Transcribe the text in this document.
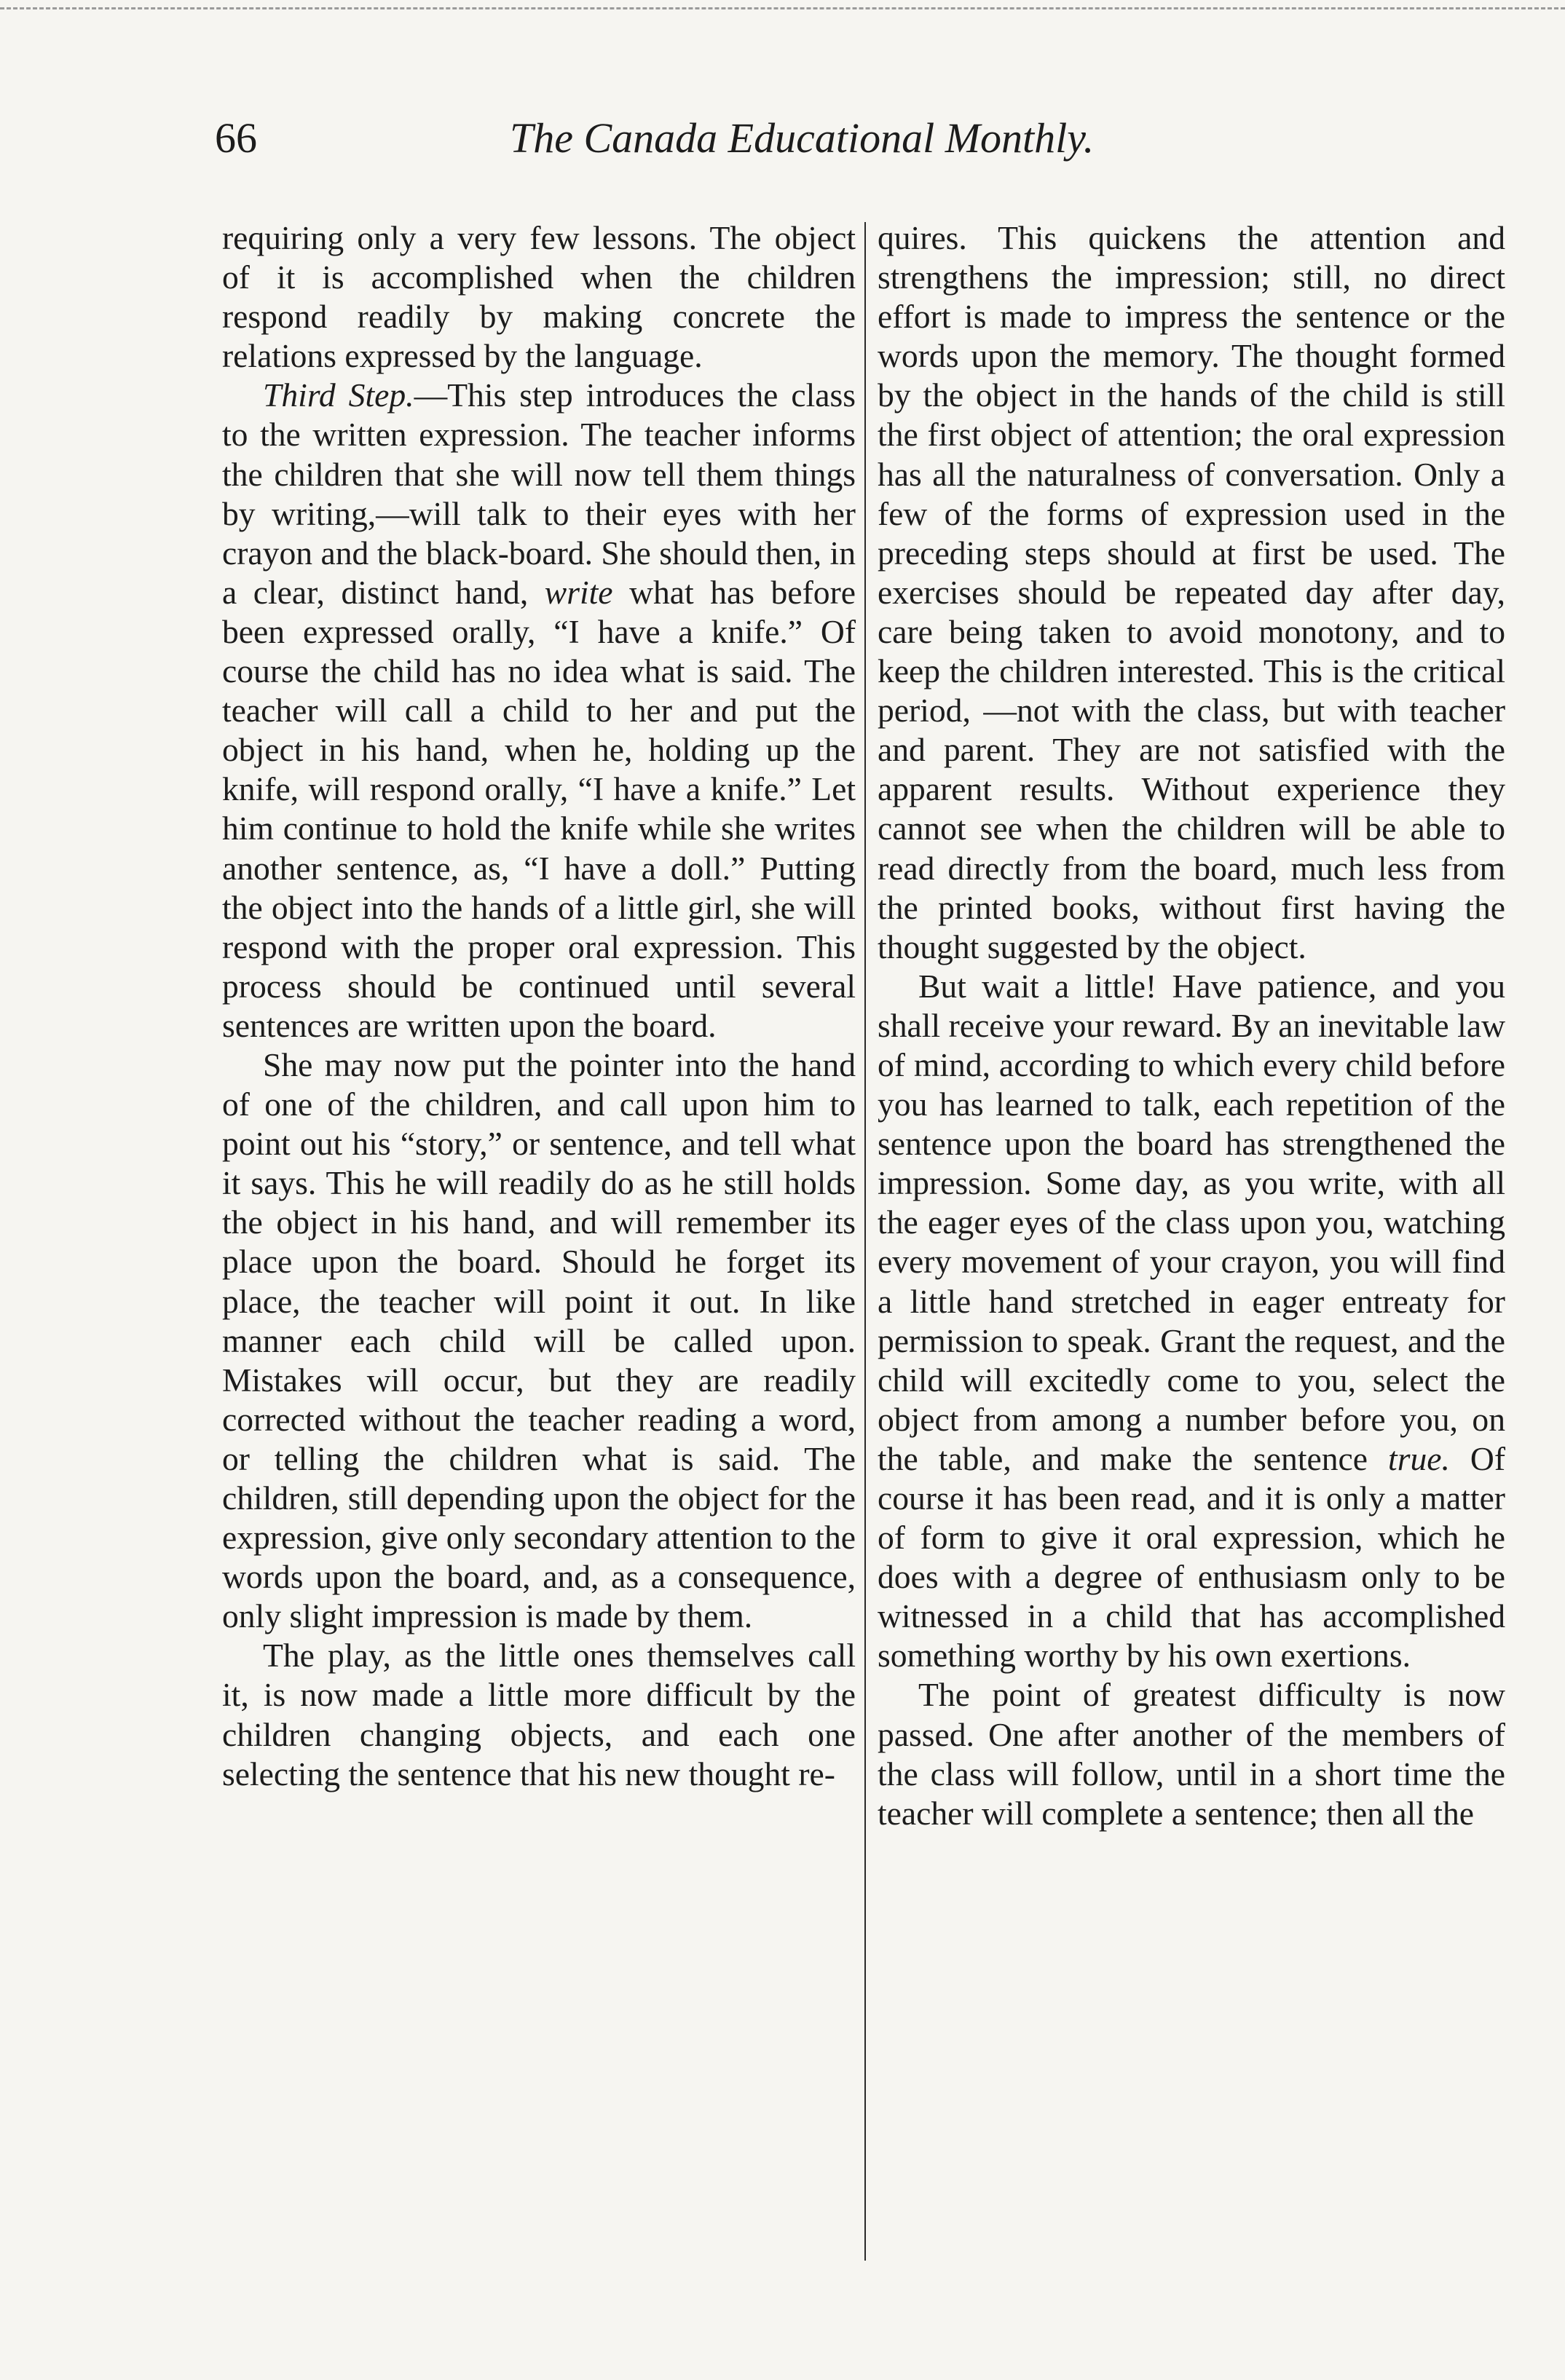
66	The Canada Educational Monthly.

requiring only a very few lessons. The object of it is accomplished when the children respond readily by making concrete the relations expressed by the language.

Third Step.—This step introduces the class to the written expression. The teacher informs the children that she will now tell them things by writing,—will talk to their eyes with her crayon and the black-board. She should then, in a clear, distinct hand, write what has before been expressed orally, “I have a knife.” Of course the child has no idea what is said. The teacher will call a child to her and put the object in his hand, when he, holding up the knife, will respond orally, “I have a knife.” Let him continue to hold the knife while she writes another sentence, as, “I have a doll.” Putting the object into the hands of a little girl, she will respond with the proper oral expression. This process should be continued until several sentences are written upon the board.

She may now put the pointer into the hand of one of the children, and call upon him to point out his “story,” or sentence, and tell what it says. This he will readily do as he still holds the object in his hand, and will remember its place upon the board. Should he forget its place, the teacher will point it out. In like manner each child will be called upon. Mistakes will occur, but they are readily corrected without the teacher reading a word, or telling the children what is said. The children, still depending upon the object for the expression, give only secondary attention to the words upon the board, and, as a consequence, only slight impression is made by them.

The play, as the little ones themselves call it, is now made a little more difficult by the children changing objects, and each one selecting the sentence that his new thought re-

quires. This quickens the attention and strengthens the impression; still, no direct effort is made to impress the sentence or the words upon the memory. The thought formed by the object in the hands of the child is still the first object of attention; the oral expression has all the naturalness of conversation. Only a few of the forms of expression used in the preceding steps should at first be used. The exercises should be repeated day after day, care being taken to avoid monotony, and to keep the children interested. This is the critical period, —not with the class, but with teacher and parent. They are not satisfied with the apparent results. Without experience they cannot see when the children will be able to read directly from the board, much less from the printed books, without first having the thought suggested by the object.

But wait a little! Have patience, and you shall receive your reward. By an inevitable law of mind, according to which every child before you has learned to talk, each repetition of the sentence upon the board has strengthened the impression. Some day, as you write, with all the eager eyes of the class upon you, watching every movement of your crayon, you will find a little hand stretched in eager entreaty for permission to speak. Grant the request, and the child will excitedly come to you, select the object from among a number before you, on the table, and make the sentence true. Of course it has been read, and it is only a matter of form to give it oral expression, which he does with a degree of enthusiasm only to be witnessed in a child that has accomplished something worthy by his own exertions.

The point of greatest difficulty is now passed. One after another of the members of the class will follow, until in a short time the teacher will complete a sentence; then all the
